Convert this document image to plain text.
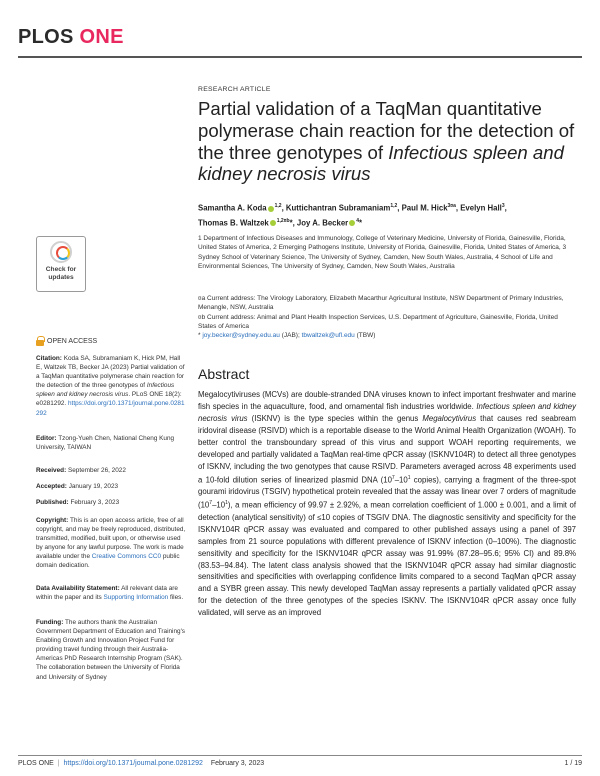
PLOS ONE
Check for
updates
OPEN ACCESS
Citation: Koda SA, Subramaniam K, Hick PM, Hall E, Waltzek TB, Becker JA (2023) Partial validation of a TaqMan quantitative polymerase chain reaction for the detection of the three genotypes of Infectious spleen and kidney necrosis virus. PLoS ONE 18(2): e0281292. https://doi.org/10.1371/journal.pone.0281292
Editor: Tzong-Yueh Chen, National Cheng Kung University, TAIWAN
Received: September 26, 2022
Accepted: January 19, 2023
Published: February 3, 2023
Copyright: This is an open access article, free of all copyright, and may be freely reproduced, distributed, transmitted, modified, built upon, or otherwise used by anyone for any lawful purpose. The work is made available under the Creative Commons CC0 public domain dedication.
Data Availability Statement: All relevant data are within the paper and its Supporting Information files.
Funding: The authors thank the Australian Government Department of Education and Training's Enabling Growth and Innovation Project Fund for providing travel funding through their Australia-Americas PhD Research Internship Program (SAK). The collaboration between the University of Florida and University of Sydney
RESEARCH ARTICLE
Partial validation of a TaqMan quantitative polymerase chain reaction for the detection of the three genotypes of Infectious spleen and kidney necrosis virus
Samantha A. Koda $^{1,2}$, Kuttichantran Subramaniam$^{1,2}$, Paul M. Hick$^{3¤a}$, Evelyn Hall$^3$,
Thomas B. Waltzek $^{1,2¤b}$*, Joy A. Becker $^4$*
1 Department of Infectious Diseases and Immunology, College of Veterinary Medicine, University of Florida, Gainesville, Florida, United States of America, 2 Emerging Pathogens Institute, University of Florida, Gainesville, Florida, United States of America, 3 Sydney School of Veterinary Science, The University of Sydney, Camden, New South Wales, Australia, 4 School of Life and Environmental Sciences, The University of Sydney, Camden, New South Wales, Australia
¤a Current address: The Virology Laboratory, Elizabeth Macarthur Agricultural Institute, NSW Department of Primary Industries, Menangle, NSW, Australia
¤b Current address: Animal and Plant Health Inspection Services, U.S. Department of Agriculture, Gainesville, Florida, United States of America
* joy.becker@sydney.edu.au (JAB); tbwaltzek@ufl.edu (TBW)
Abstract
Megalocytiviruses (MCVs) are double-stranded DNA viruses known to infect important freshwater and marine fish species in the aquaculture, food, and ornamental fish industries worldwide. Infectious spleen and kidney necrosis virus (ISKNV) is the type species within the genus Megalocytivirus that causes red seabream iridoviral disease (RSIVD) which is a reportable disease to the World Animal Health Organization (WOAH). To better control the transboundary spread of this virus and support WOAH reporting requirements, we developed and partially validated a TaqMan real-time qPCR assay (ISKNV104R) to detect all three genotypes of ISKNV, including the two genotypes that cause RSIVD. Parameters averaged across 48 experiments used a 10-fold dilution series of linearized plasmid DNA ($10^7-10^1$ copies), carrying a fragment of the three-spot gourami iridovirus (TSGIV) hypothetical protein revealed that the assay was linear over 7 orders of magnitude $(10^7-10^1)$, a mean efficiency of 99.97 ± 2.92%, a mean correlation coefficient of 1.000 ± 0.001, and a limit of detection (analytical sensitivity) of ≤10 copies of TSGIV DNA. The diagnostic sensitivity and specificity for the ISKNV104R qPCR assay was evaluated and compared to other published assays using a panel of 397 samples from 21 source populations with different prevalence of ISKNV infection (0–100%). The diagnostic sensitivity and specificity for the ISKNV104R qPCR assay was 91.99% (87.28–95.6; 95% CI) and 89.8% (83.53–94.84). The latent class analysis showed that the ISKNV104R qPCR assay had similar diagnostic sensitivities and specificities with overlapping confidence limits compared to a second TaqMan qPCR assay and a SYBR green assay. This newly developed TaqMan assay represents a partially validated qPCR assay for the detection of the three genotypes of the species ISKNV. The ISKNV104R qPCR assay once fully validated, will serve as an improved
PLOS ONE | https://doi.org/10.1371/journal.pone.0281292 February 3, 2023	1 / 19
